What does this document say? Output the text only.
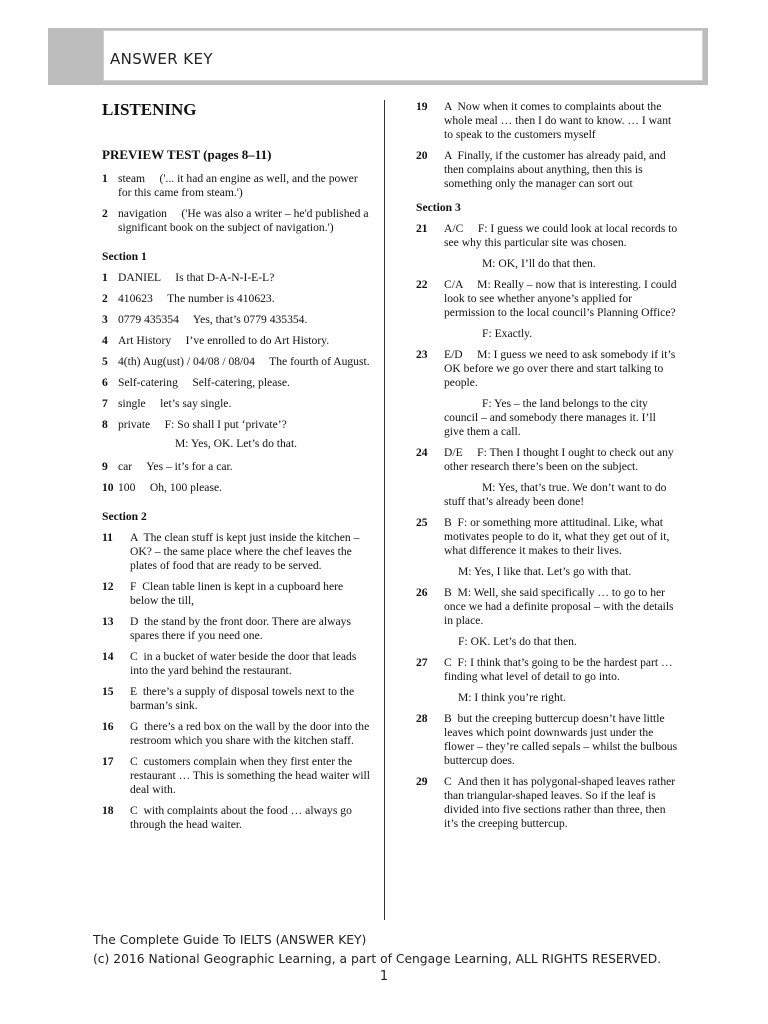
ANSWER KEY
LISTENING
PREVIEW TEST (pages 8–11)
1 steam     ('... it had an engine as well, and the power for this came from steam.')
2 navigation     ('He was also a writer – he'd published a significant book on the subject of navigation.')
Section 1
1 DANIEL     Is that D-A-N-I-E-L?
2 410623     The number is 410623.
3 0779 435354     Yes, that’s 0779 435354.
4 Art History     I’ve enrolled to do Art History.
5 4(th) Aug(ust) / 04/08 / 08/04     The fourth of August.
6 Self-catering     Self-catering, please.
7 single     let’s say single.
8 private     F: So shall I put ‘private’?
M: Yes, OK. Let’s do that.
9 car     Yes – it’s for a car.
10 100     Oh, 100 please.
Section 2
11	A  The clean stuff is kept just inside the kitchen – OK? – the same place where the chef leaves the plates of food that are ready to be served.
12	F  Clean table linen is kept in a cupboard here below the till,
13	D  the stand by the front door. There are always spares there if you need one.
14	C  in a bucket of water beside the door that leads into the yard behind the restaurant.
15	E  there’s a supply of disposal towels next to the barman’s sink.
16	G  there’s a red box on the wall by the door into the restroom which you share with the kitchen staff.
17	C  customers complain when they first enter the restaurant … This is something the head waiter will deal with.
18	C  with complaints about the food … always go through the head waiter.
19	A  Now when it comes to complaints about the whole meal … then I do want to know. … I want to speak to the customers myself
20	A  Finally, if the customer has already paid, and then complains about anything, then this is something only the manager can sort out
Section 3
21	A/C     F: I guess we could look at local records to see why this particular site was chosen.
M: OK, I’ll do that then.
22	C/A     M: Really – now that is interesting. I could look to see whether anyone’s applied for permission to the local council’s Planning Office?
F: Exactly.
23	E/D     M: I guess we need to ask somebody if it’s OK before we go over there and start talking to people.
F: Yes – the land belongs to the city council – and somebody there manages it. I’ll give them a call.
24	D/E     F: Then I thought I ought to check out any other research there’s been on the subject.
M: Yes, that’s true. We don’t want to do stuff that’s already been done!
25	B  F: or something more attitudinal. Like, what motivates people to do it, what they get out of it, what difference it makes to their lives.
M: Yes, I like that. Let’s go with that.
26	B  M: Well, she said specifically … to go to her once we had a definite proposal – with the details in place.
F: OK. Let’s do that then.
27	C  F: I think that’s going to be the hardest part … finding what level of detail to go into.
M: I think you’re right.
28	B  but the creeping buttercup doesn’t have little leaves which point downwards just under the flower – they’re called sepals – whilst the bulbous buttercup does.
29	C  And then it has polygonal-shaped leaves rather than triangular-shaped leaves. So if the leaf is divided into five sections rather than three, then it’s the creeping buttercup.
The Complete Guide To IELTS (ANSWER KEY)
(c) 2016 National Geographic Learning, a part of Cengage Learning, ALL RIGHTS RESERVED.
1
